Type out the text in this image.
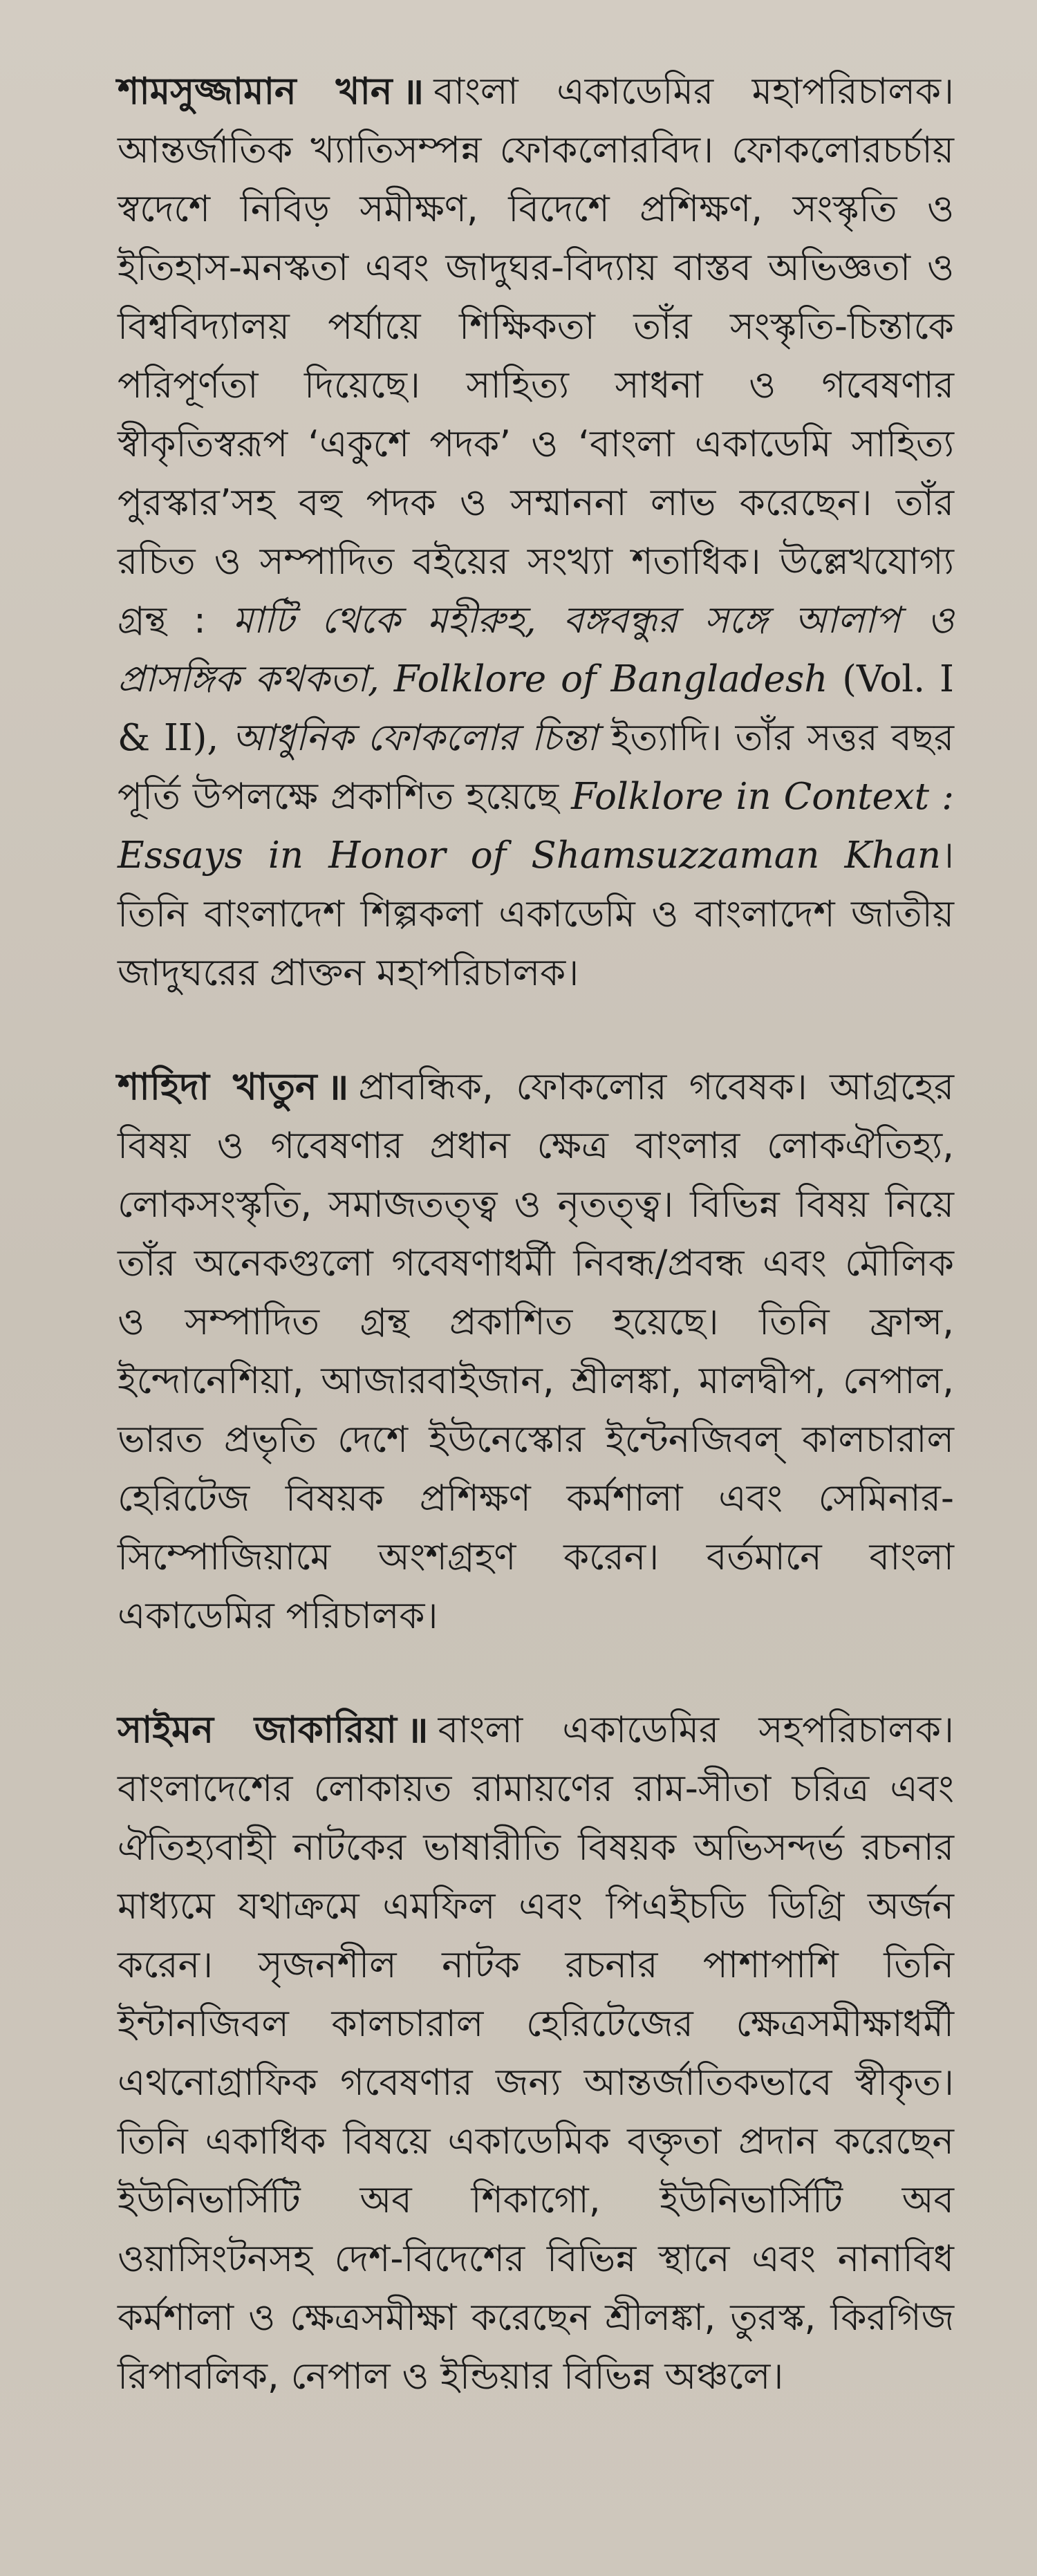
শামসুজ্জামান খান ॥ বাংলা একাডেমির মহাপরিচালক। আন্তর্জাতিক খ্যাতিসম্পন্ন ফোকলোরবিদ। ফোকলোরচর্চায় স্বদেশে নিবিড় সমীক্ষণ, বিদেশে প্রশিক্ষণ, সংস্কৃতি ও ইতিহাস-মনস্কতা এবং জাদুঘর-বিদ্যায় বাস্তব অভিজ্ঞতা ও বিশ্ববিদ্যালয় পর্যায়ে শিক্ষিকতা তাঁর সংস্কৃতি-চিন্তাকে পরিপূর্ণতা দিয়েছে। সাহিত্য সাধনা ও গবেষণার স্বীকৃতিস্বরূপ ‘একুশে পদক’ ও ‘বাংলা একাডেমি সাহিত্য পুরস্কার’সহ বহু পদক ও সম্মাননা লাভ করেছেন। তাঁর রচিত ও সম্পাদিত বইয়ের সংখ্যা শতাধিক। উল্লেখযোগ্য গ্রন্থ : মাটি থেকে মহীরুহ, বঙ্গবন্ধুর সঙ্গে আলাপ ও প্রাসঙ্গিক কথকতা, Folklore of Bangladesh (Vol. I & II), আধুনিক ফোকলোর চিন্তা ইত্যাদি। তাঁর সত্তর বছর পূর্তি উপলক্ষে প্রকাশিত হয়েছে Folklore in Context : Essays in Honor of Shamsuzzaman Khan। তিনি বাংলাদেশ শিল্পকলা একাডেমি ও বাংলাদেশ জাতীয় জাদুঘরের প্রাক্তন মহাপরিচালক।

শাহিদা খাতুন ॥ প্রাবন্ধিক, ফোকলোর গবেষক। আগ্রহের বিষয় ও গবেষণার প্রধান ক্ষেত্র বাংলার লোকঐতিহ্য, লোকসংস্কৃতি, সমাজতত্ত্ব ও নৃতত্ত্ব। বিভিন্ন বিষয় নিয়ে তাঁর অনেকগুলো গবেষণাধর্মী নিবন্ধ/প্রবন্ধ এবং মৌলিক ও সম্পাদিত গ্রন্থ প্রকাশিত হয়েছে। তিনি ফ্রান্স, ইন্দোনেশিয়া, আজারবাইজান, শ্রীলঙ্কা, মালদ্বীপ, নেপাল, ভারত প্রভৃতি দেশে ইউনেস্কোর ইন্টেনজিবল্ কালচারাল হেরিটেজ বিষয়ক প্রশিক্ষণ কর্মশালা এবং সেমিনার-সিম্পোজিয়ামে অংশগ্রহণ করেন। বর্তমানে বাংলা একাডেমির পরিচালক।

সাইমন জাকারিয়া ॥ বাংলা একাডেমির সহপরিচালক। বাংলাদেশের লোকায়ত রামায়ণের রাম-সীতা চরিত্র এবং ঐতিহ্যবাহী নাটকের ভাষারীতি বিষয়ক অভিসন্দর্ভ রচনার মাধ্যমে যথাক্রমে এমফিল এবং পিএইচডি ডিগ্রি অর্জন করেন। সৃজনশীল নাটক রচনার পাশাপাশি তিনি ইন্টানজিবল কালচারাল হেরিটেজের ক্ষেত্রসমীক্ষাধর্মী এথনোগ্রাফিক গবেষণার জন্য আন্তর্জাতিকভাবে স্বীকৃত। তিনি একাধিক বিষয়ে একাডেমিক বক্তৃতা প্রদান করেছেন ইউনিভার্সিটি অব শিকাগো, ইউনিভার্সিটি অব ওয়াসিংটনসহ দেশ-বিদেশের বিভিন্ন স্থানে এবং নানাবিধ কর্মশালা ও ক্ষেত্রসমীক্ষা করেছেন শ্রীলঙ্কা, তুরস্ক, কিরগিজ রিপাবলিক, নেপাল ও ইন্ডিয়ার বিভিন্ন অঞ্চলে।
